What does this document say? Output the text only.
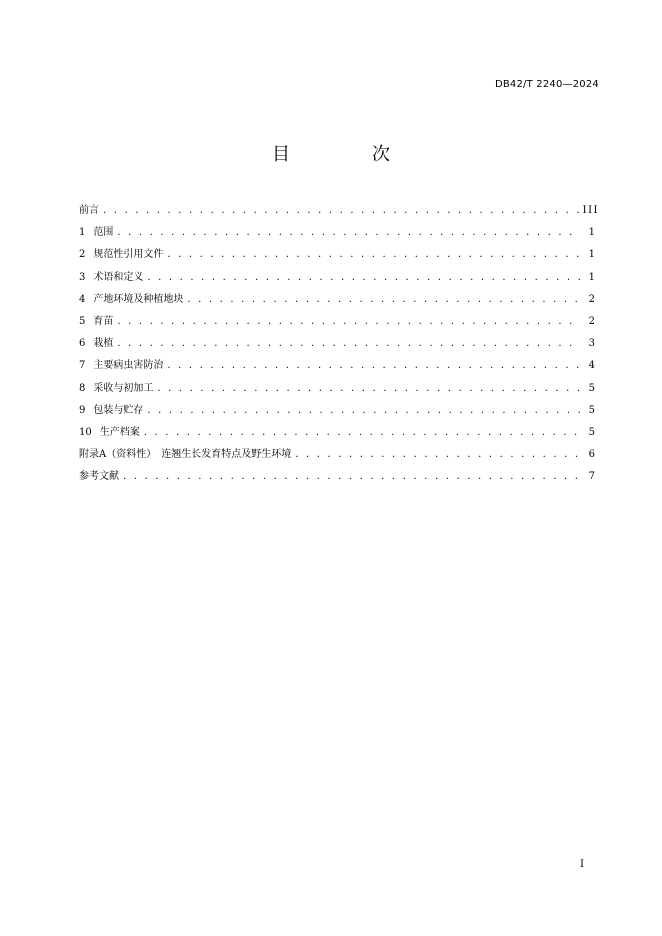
DB42/T 2240—2024
目　次
前言 . . .	III
1 范围 . . .	1
2 规范性引用文件 . . .	1
3 术语和定义 . . .	1
4 产地环境及种植地块 . . .	2
5 育苗 . . .	2
6 栽植 . . .	3
7 主要病虫害防治 . . .	4
8 采收与初加工 . . .	5
9 包装与贮存 . . .	5
10 生产档案 . . .	5
附录A（资料性）　连翘生长发育特点及野生环境 . . .	6
参考文献 . . .	7
I
